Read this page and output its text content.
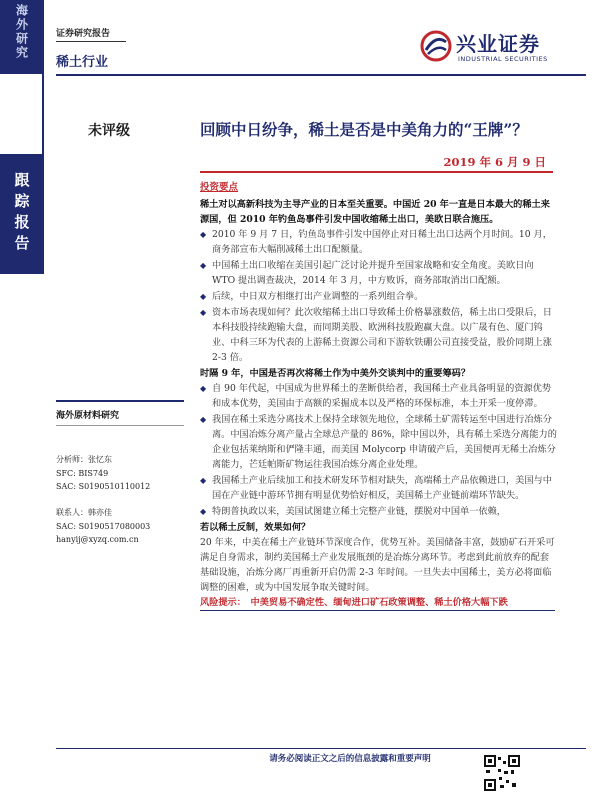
海外研究
跟踪报告
证券研究报告
稀土行业
兴业证券
INDUSTRIAL SECURITIES
未评级	回顾中日纷争，稀土是否是中美角力的“王牌”？
2019 年 6 月 9 日
投资要点

稀土对以高新科技为主导产业的日本至关重要。中国近 20 年一直是日本最大的稀土来源国，但 2010 年钓鱼岛事件引发中国收缩稀土出口，美欧日联合施压。

◆ 2010 年 9 月 7 日，钓鱼岛事件引发中国停止对日稀土出口达两个月时间。10 月，商务部宣布大幅削减稀土出口配额量。
◆ 中国稀土出口收缩在美国引起广泛讨论并提升至国家战略和安全角度。美欧日向 WTO 提出调查裁决，2014 年 3 月，中方败诉，商务部取消出口配额。
◆ 后续，中日双方相继打出产业调整的一系列组合拳。
◆ 资本市场表现如何？此次收缩稀土出口导致稀土价格暴涨数倍，稀土出口受限后，日本科技股持续跑输大盘，而同期美股、欧洲科技股跑赢大盘。以广晟有色、厦门钨业、中科三环为代表的上游稀土资源公司和下游软铁硼公司直接受益，股价同期上涨 2-3 倍。

时隔 9 年，中国是否再次将稀土作为中美外交谈判中的重要筹码？

◆ 自 90 年代起，中国成为世界稀土的垄断供给者，我国稀土产业具备明显的资源优势和成本优势，美国由于高额的采掘成本以及严格的环保标准，本土开采一度停滞。
◆ 我国在稀土采选分离技术上保持全球领先地位，全球稀土矿需转运至中国进行冶炼分离。中国冶炼分离产量占全球总产量的 86%，除中国以外，具有稀土采选分离能力的企业包括莱纳斯和俨隆丰通，而美国 Molycorp 申请破产后，美国便再无稀土冶炼分离能力，芒廷帕斯矿物运往我国冶炼分离企业处理。
◆ 我国稀土产业后续加工和技术研发环节相对缺失，高端稀土产品依赖进口，美国与中国在产业链中游环节拥有明显优势恰好相反，美国稀土产业链前端环节缺失。
◆ 特朗普执政以来，美国试图建立稀土完整产业链，摆脱对中国单一依赖，

若以稀土反制，效果如何？

20 年来，中美在稀土产业链环节深度合作，优势互补。美国储备丰富，鼓励矿石开采可满足自身需求，制约美国稀土产业发展瓶颈的是冶炼分离环节。考虑到此前放弃的配套基础设施，冶炼分离厂再重新开启仍需 2-3 年时间。一旦失去中国稀土，美方必将面临调整的困难，或为中国发展争取关键时间。

风险提示：　中美贸易不确定性、缅甸进口矿石政策调整、稀土价格大幅下跌
海外原材料研究
分析师：张忆东
SFC: BIS749
SAC: S0190510110012
联系人：韩亦佳
SAC: S0190517080003
hanyij@xyzq.com.cn
请务必阅读正文之后的信息披露和重要声明
